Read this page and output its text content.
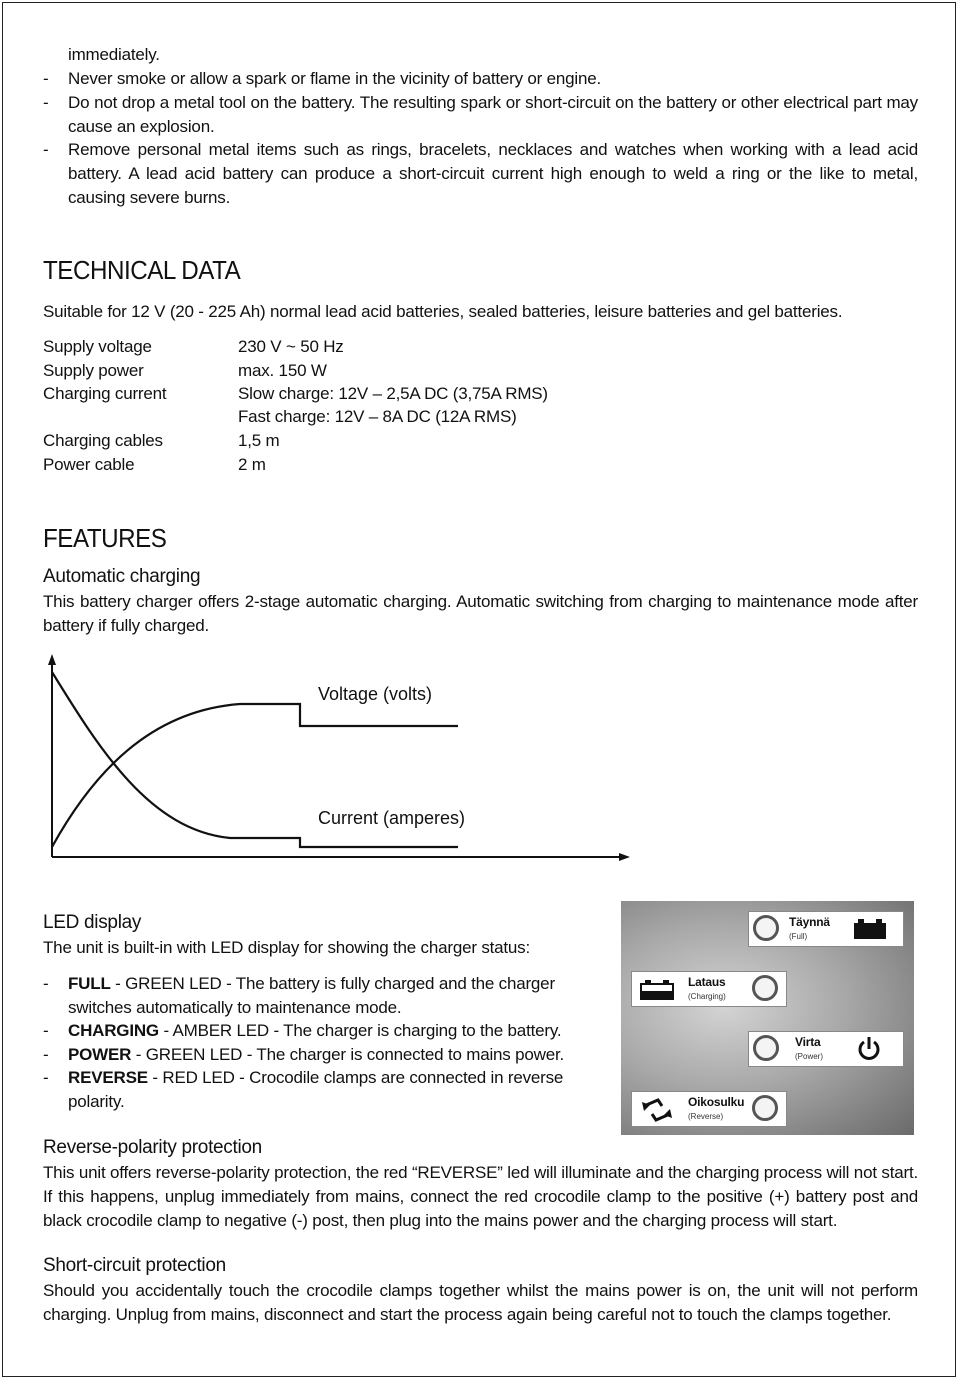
immediately.
- Never smoke or allow a spark or flame in the vicinity of battery or engine.
- Do not drop a metal tool on the battery. The resulting spark or short-circuit on the battery or other electrical part may cause an explosion.
- Remove personal metal items such as rings, bracelets, necklaces and watches when working with a lead acid battery. A lead acid battery can produce a short-circuit current high enough to weld a ring or the like to metal, causing severe burns.
TECHNICAL DATA
Suitable for 12 V (20 - 225 Ah) normal lead acid batteries, sealed batteries, leisure batteries and gel batteries.
Supply voltage	230 V ~ 50 Hz
Supply power	max. 150 W
Charging current	Slow charge: 12V – 2,5A DC (3,75A RMS)
Fast charge: 12V – 8A DC (12A RMS)
Charging cables	1,5 m
Power cable	2 m
FEATURES
Automatic charging
This battery charger offers 2-stage automatic charging. Automatic switching from charging to maintenance mode after battery if fully charged.
Voltage (volts)
Current (amperes)
LED display
The unit is built-in with LED display for showing the charger status:
- FULL - GREEN LED - The battery is fully charged and the charger switches automatically to maintenance mode.
- CHARGING - AMBER LED - The charger is charging to the battery.
- POWER - GREEN LED - The charger is connected to mains power.
- REVERSE - RED LED - Crocodile clamps are connected in reverse polarity.
Täynnä
(Full)
Lataus
(Charging)
Virta
(Power)
Oikosulku
(Reverse)
Reverse-polarity protection
This unit offers reverse-polarity protection, the red “REVERSE” led will illuminate and the charging process will not start. If this happens, unplug immediately from mains, connect the red crocodile clamp to the positive (+) battery post and black crocodile clamp to negative (-) post, then plug into the mains power and the charging process will start.
Short-circuit protection
Should you accidentally touch the crocodile clamps together whilst the mains power is on, the unit will not perform charging. Unplug from mains, disconnect and start the process again being careful not to touch the clamps together.
